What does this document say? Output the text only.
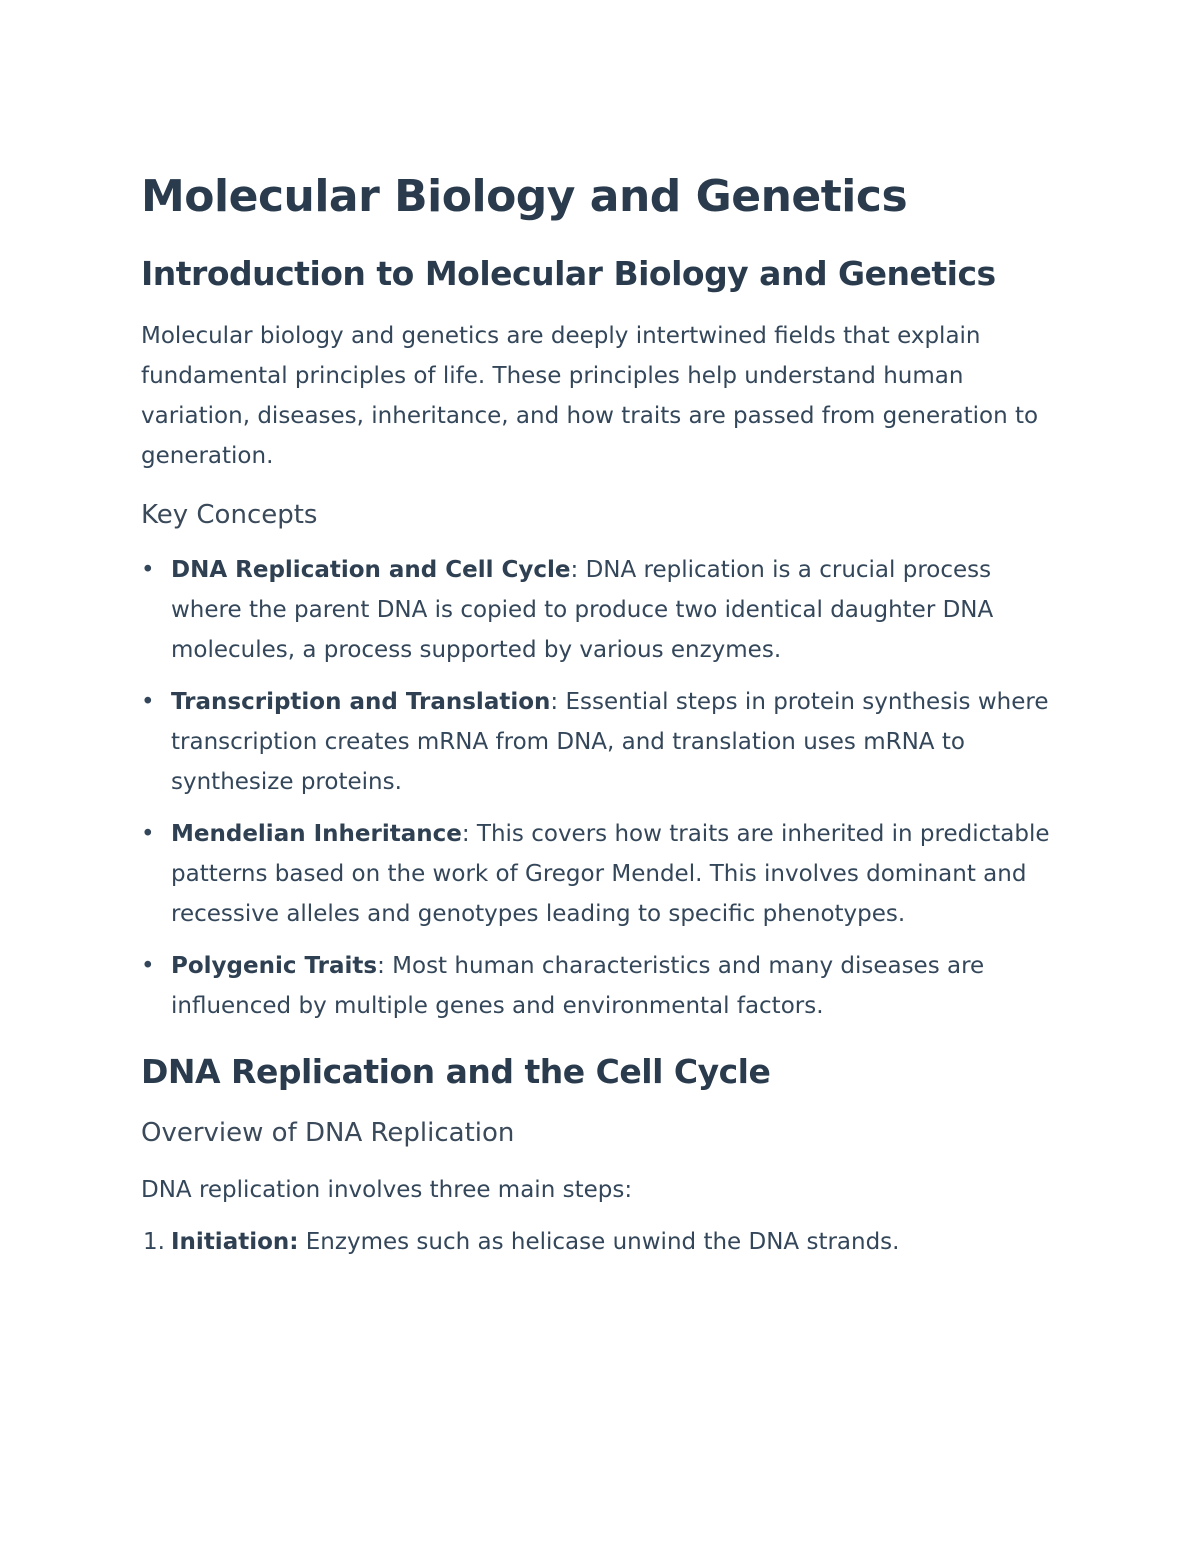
Molecular Biology and Genetics
Introduction to Molecular Biology and Genetics

Molecular biology and genetics are deeply intertwined fields that explain fundamental principles of life. These principles help understand human variation, diseases, inheritance, and how traits are passed from generation to generation.

Key Concepts
• DNA Replication and Cell Cycle: DNA replication is a crucial process where the parent DNA is copied to produce two identical daughter DNA molecules, a process supported by various enzymes.
• Transcription and Translation: Essential steps in protein synthesis where transcription creates mRNA from DNA, and translation uses mRNA to synthesize proteins.
• Mendelian Inheritance: This covers how traits are inherited in predictable patterns based on the work of Gregor Mendel. This involves dominant and recessive alleles and genotypes leading to specific phenotypes.
• Polygenic Traits: Most human characteristics and many diseases are influenced by multiple genes and environmental factors.
DNA Replication and the Cell Cycle
Overview of DNA Replication

DNA replication involves three main steps:

1. Initiation: Enzymes such as helicase unwind the DNA strands.
